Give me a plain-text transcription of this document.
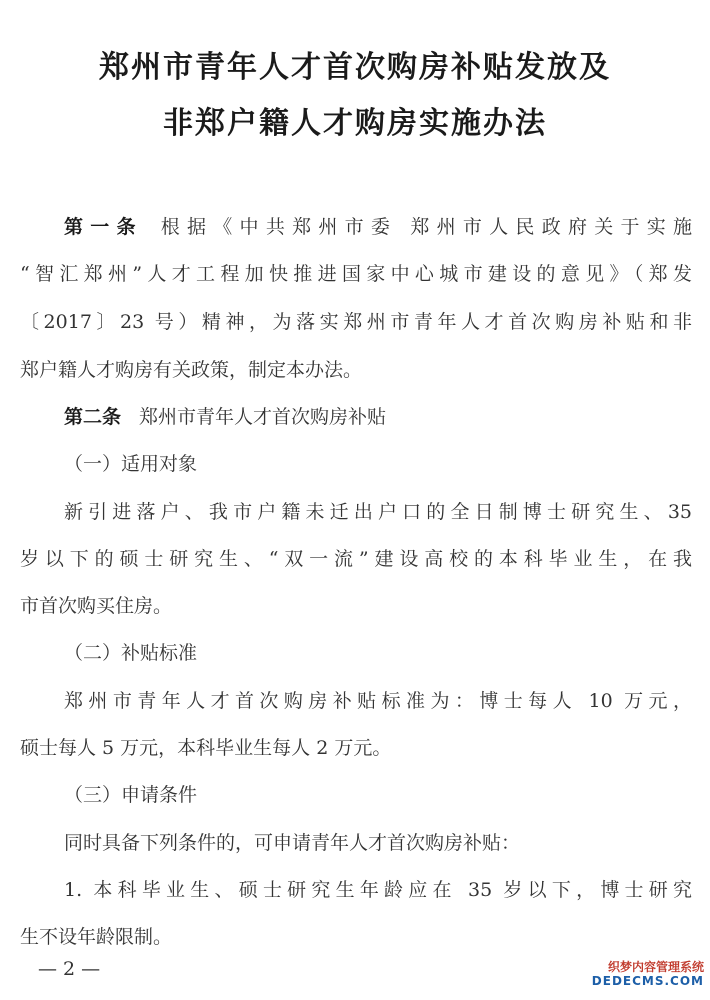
郑州市青年人才首次购房补贴发放及
非郑户籍人才购房实施办法
第一条 根据《中共郑州市委 郑州市人民政府关于实施
“智汇郑州”人才工程加快推进国家中心城市建设的意见》（郑发
〔2017〕23 号）精神，为落实郑州市青年人才首次购房补贴和非
郑户籍人才购房有关政策，制定本办法。
第二条 郑州市青年人才首次购房补贴
（一）适用对象
新引进落户、我市户籍未迁出户口的全日制博士研究生、35
岁以下的硕士研究生、“双一流”建设高校的本科毕业生，在我
市首次购买住房。
（二）补贴标准
郑州市青年人才首次购房补贴标准为：博士每人 10 万元，
硕士每人 5 万元，本科毕业生每人 2 万元。
（三）申请条件
同时具备下列条件的，可申请青年人才首次购房补贴：
1. 本科毕业生、硕士研究生年龄应在 35 岁以下，博士研究
生不设年龄限制。
— 2 —	织梦内容管理系统
DEDECMS.COM
